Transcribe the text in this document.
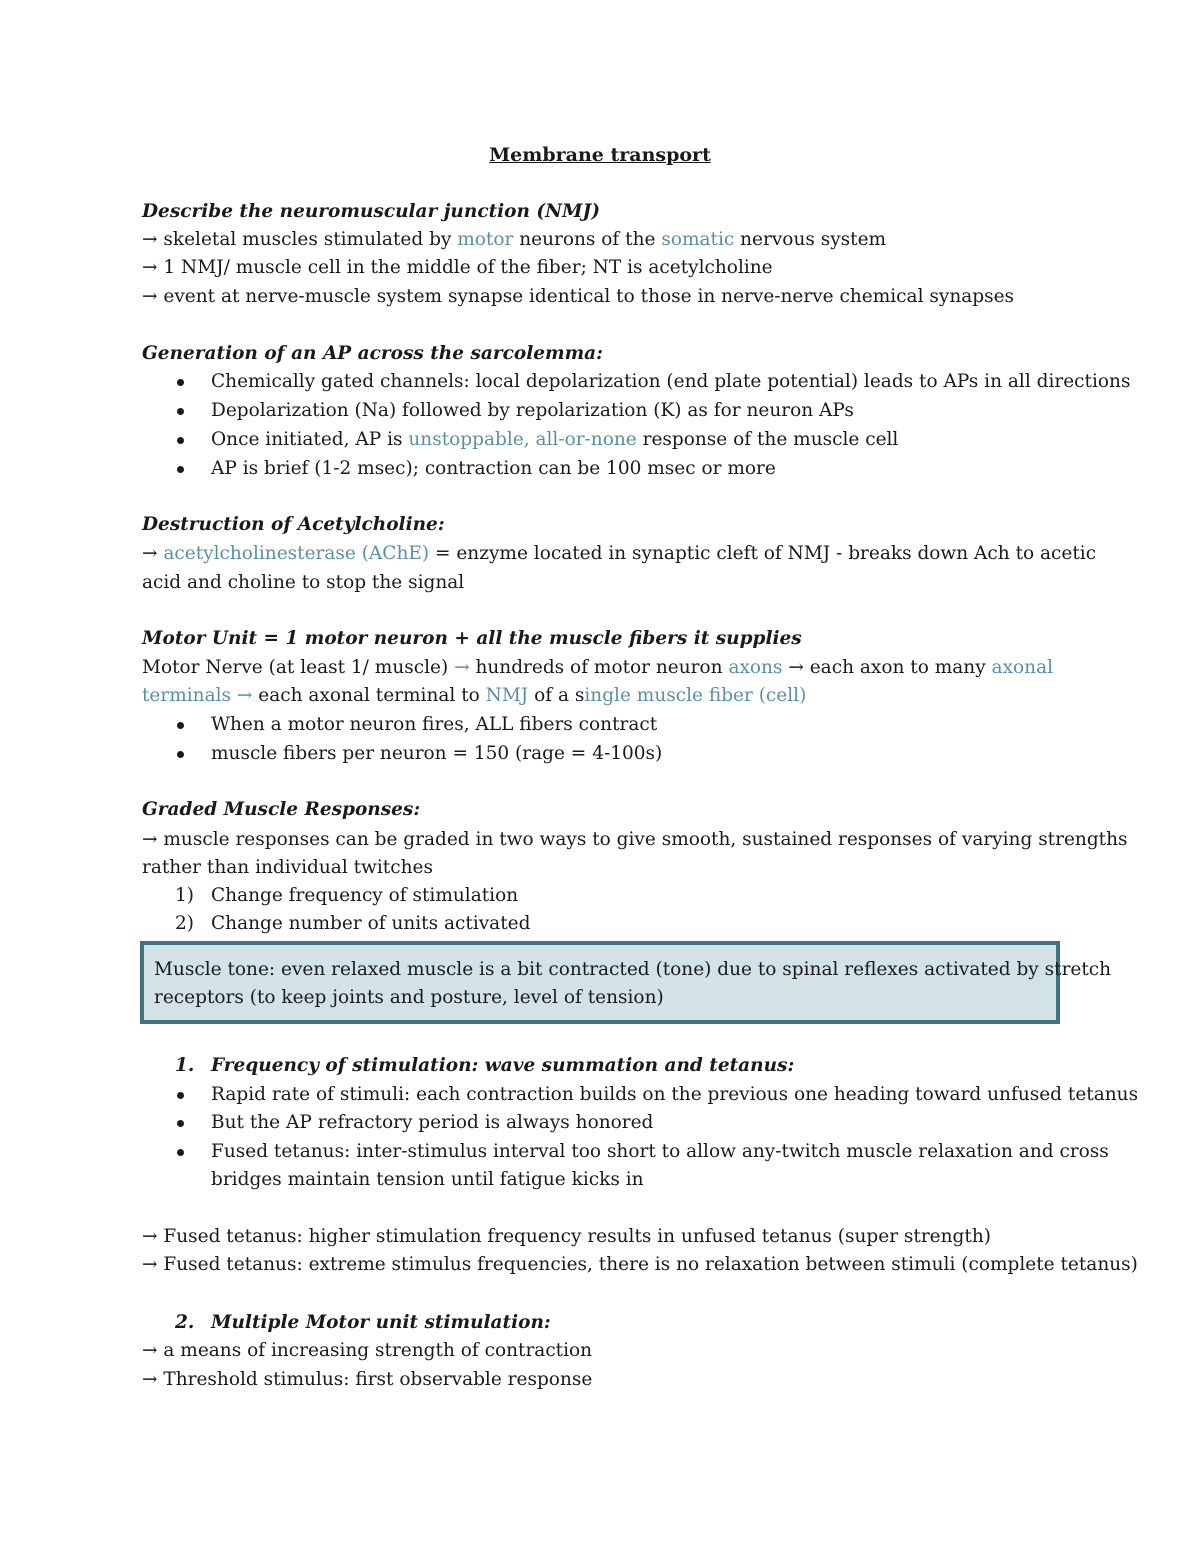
Membrane transport
Describe the neuromuscular junction (NMJ)
→ skeletal muscles stimulated by motor neurons of the somatic nervous system
→ 1 NMJ/ muscle cell in the middle of the fiber; NT is acetylcholine
→ event at nerve-muscle system synapse identical to those in nerve-nerve chemical synapses
Generation of an AP across the sarcolemma:
Chemically gated channels: local depolarization (end plate potential) leads to APs in all directions
Depolarization (Na) followed by repolarization (K) as for neuron APs
Once initiated, AP is unstoppable, all-or-none response of the muscle cell
AP is brief (1-2 msec); contraction can be 100 msec or more
Destruction of Acetylcholine:
→ acetylcholinesterase (AChE) = enzyme located in synaptic cleft of NMJ - breaks down Ach to acetic
acid and choline to stop the signal
Motor Unit = 1 motor neuron + all the muscle fibers it supplies
Motor Nerve (at least 1/ muscle) → hundreds of motor neuron axons → each axon to many axonal
terminals → each axonal terminal to NMJ of a single muscle fiber (cell)
When a motor neuron fires, ALL fibers contract
muscle fibers per neuron = 150 (rage = 4-100s)
Graded Muscle Responses:
→ muscle responses can be graded in two ways to give smooth, sustained responses of varying strengths
rather than individual twitches
1) Change frequency of stimulation
2) Change number of units activated
Muscle tone: even relaxed muscle is a bit contracted (tone) due to spinal reflexes activated by stretch
receptors (to keep joints and posture, level of tension)
1. Frequency of stimulation: wave summation and tetanus:
Rapid rate of stimuli: each contraction builds on the previous one heading toward unfused tetanus
But the AP refractory period is always honored
Fused tetanus: inter-stimulus interval too short to allow any-twitch muscle relaxation and cross
bridges maintain tension until fatigue kicks in
→ Fused tetanus: higher stimulation frequency results in unfused tetanus (super strength)
→ Fused tetanus: extreme stimulus frequencies, there is no relaxation between stimuli (complete tetanus)
2. Multiple Motor unit stimulation:
→ a means of increasing strength of contraction
→ Threshold stimulus: first observable response
